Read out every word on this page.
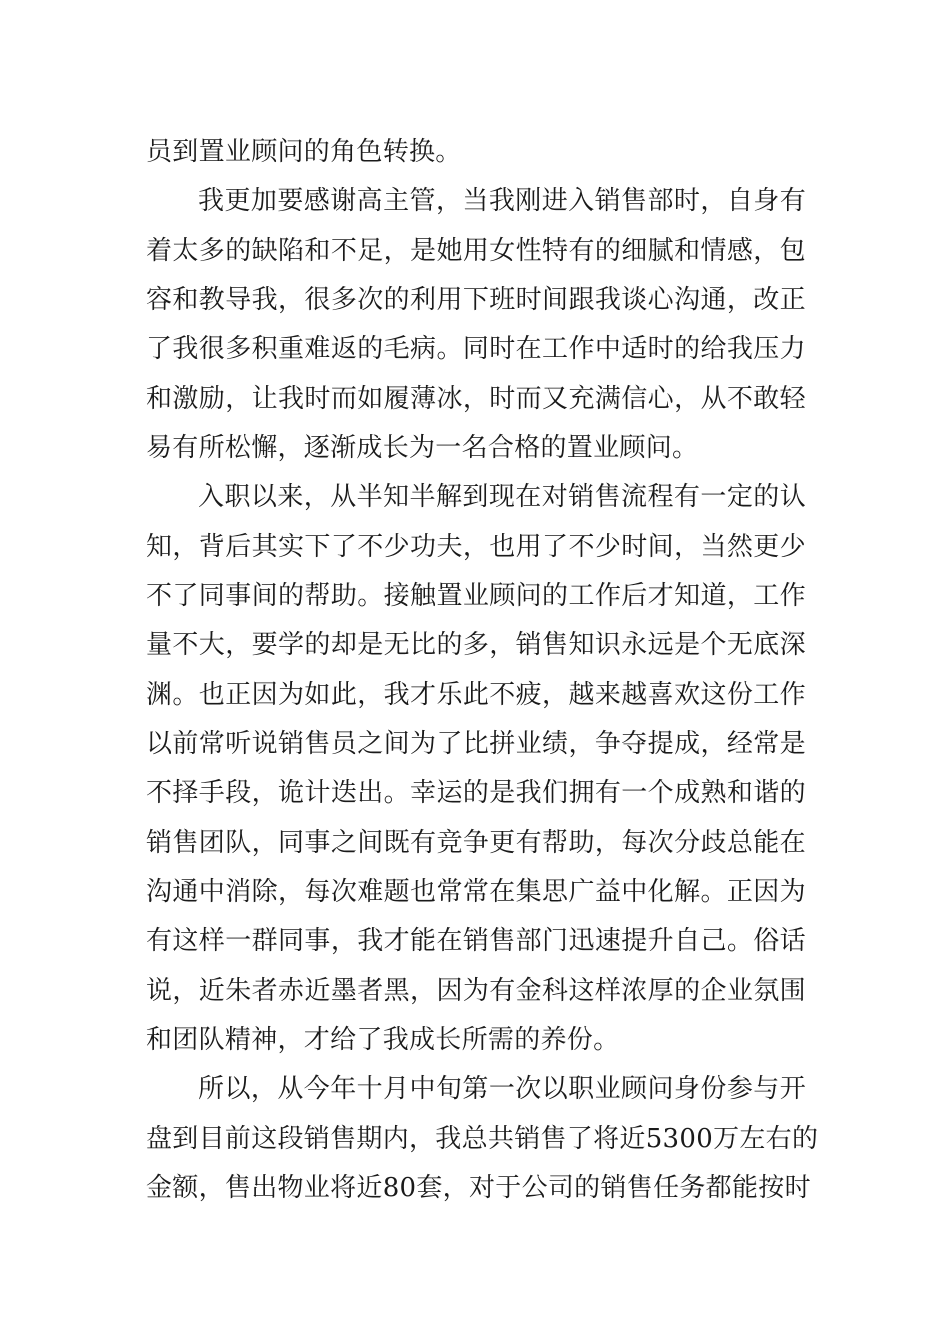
员到置业顾问的角色转换。
我更加要感谢高主管，当我刚进入销售部时，自身有
着太多的缺陷和不足，是她用女性特有的细腻和情感，包
容和教导我，很多次的利用下班时间跟我谈心沟通，改正
了我很多积重难返的毛病。同时在工作中适时的给我压力
和激励，让我时而如履薄冰，时而又充满信心，从不敢轻
易有所松懈，逐渐成长为一名合格的置业顾问。
入职以来，从半知半解到现在对销售流程有一定的认
知，背后其实下了不少功夫，也用了不少时间，当然更少
不了同事间的帮助。接触置业顾问的工作后才知道，工作
量不大，要学的却是无比的多，销售知识永远是个无底深
渊。也正因为如此，我才乐此不疲，越来越喜欢这份工作
以前常听说销售员之间为了比拼业绩，争夺提成，经常是
不择手段，诡计迭出。幸运的是我们拥有一个成熟和谐的
销售团队，同事之间既有竞争更有帮助，每次分歧总能在
沟通中消除，每次难题也常常在集思广益中化解。正因为
有这样一群同事，我才能在销售部门迅速提升自己。俗话
说，近朱者赤近墨者黑，因为有金科这样浓厚的企业氛围
和团队精神，才给了我成长所需的养份。
所以，从今年十月中旬第一次以职业顾问身份参与开
盘到目前这段销售期内，我总共销售了将近5300万左右的
金额，售出物业将近80套，对于公司的销售任务都能按时
